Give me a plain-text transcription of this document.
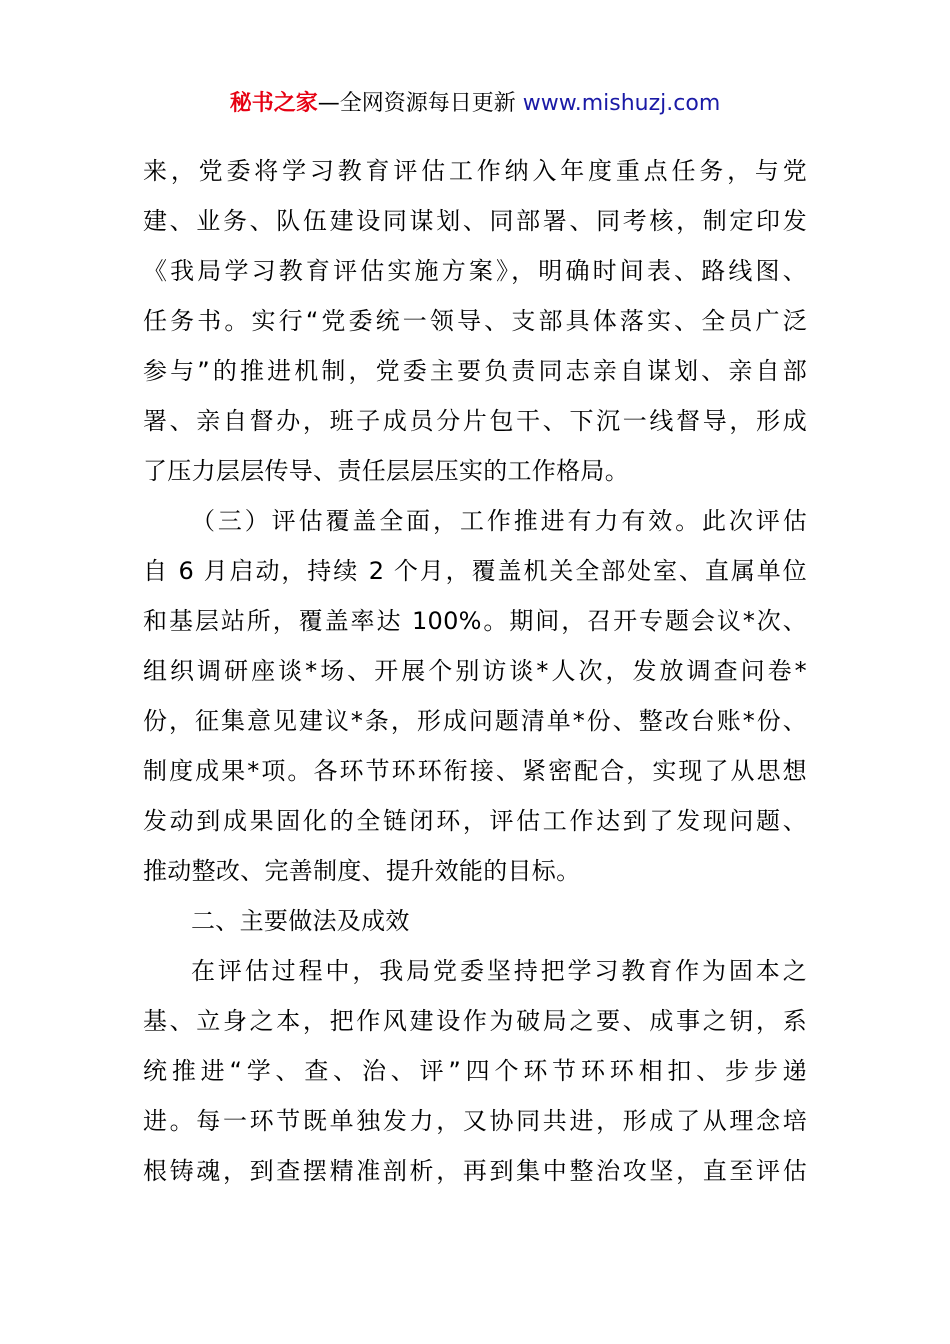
秘书之家—全网资源每日更新 www.mishuzj.com
来，党委将学习教育评估工作纳入年度重点任务，与党
建、业务、队伍建设同谋划、同部署、同考核，制定印发
《我局学习教育评估实施方案》，明确时间表、路线图、
任务书。实行“党委统一领导、支部具体落实、全员广泛
参与”的推进机制，党委主要负责同志亲自谋划、亲自部
署、亲自督办，班子成员分片包干、下沉一线督导，形成
了压力层层传导、责任层层压实的工作格局。
（三）评估覆盖全面，工作推进有力有效。此次评估
自 6 月启动，持续 2 个月，覆盖机关全部处室、直属单位
和基层站所，覆盖率达 100%。期间，召开专题会议*次、
组织调研座谈*场、开展个别访谈*人次，发放调查问卷*
份，征集意见建议*条，形成问题清单*份、整改台账*份、
制度成果*项。各环节环环衔接、紧密配合，实现了从思想
发动到成果固化的全链闭环，评估工作达到了发现问题、
推动整改、完善制度、提升效能的目标。
二、主要做法及成效
在评估过程中，我局党委坚持把学习教育作为固本之
基、立身之本，把作风建设作为破局之要、成事之钥，系
统推进“学、查、治、评”四个环节环环相扣、步步递
进。每一环节既单独发力，又协同共进，形成了从理念培
根铸魂，到查摆精准剖析，再到集中整治攻坚，直至评估
